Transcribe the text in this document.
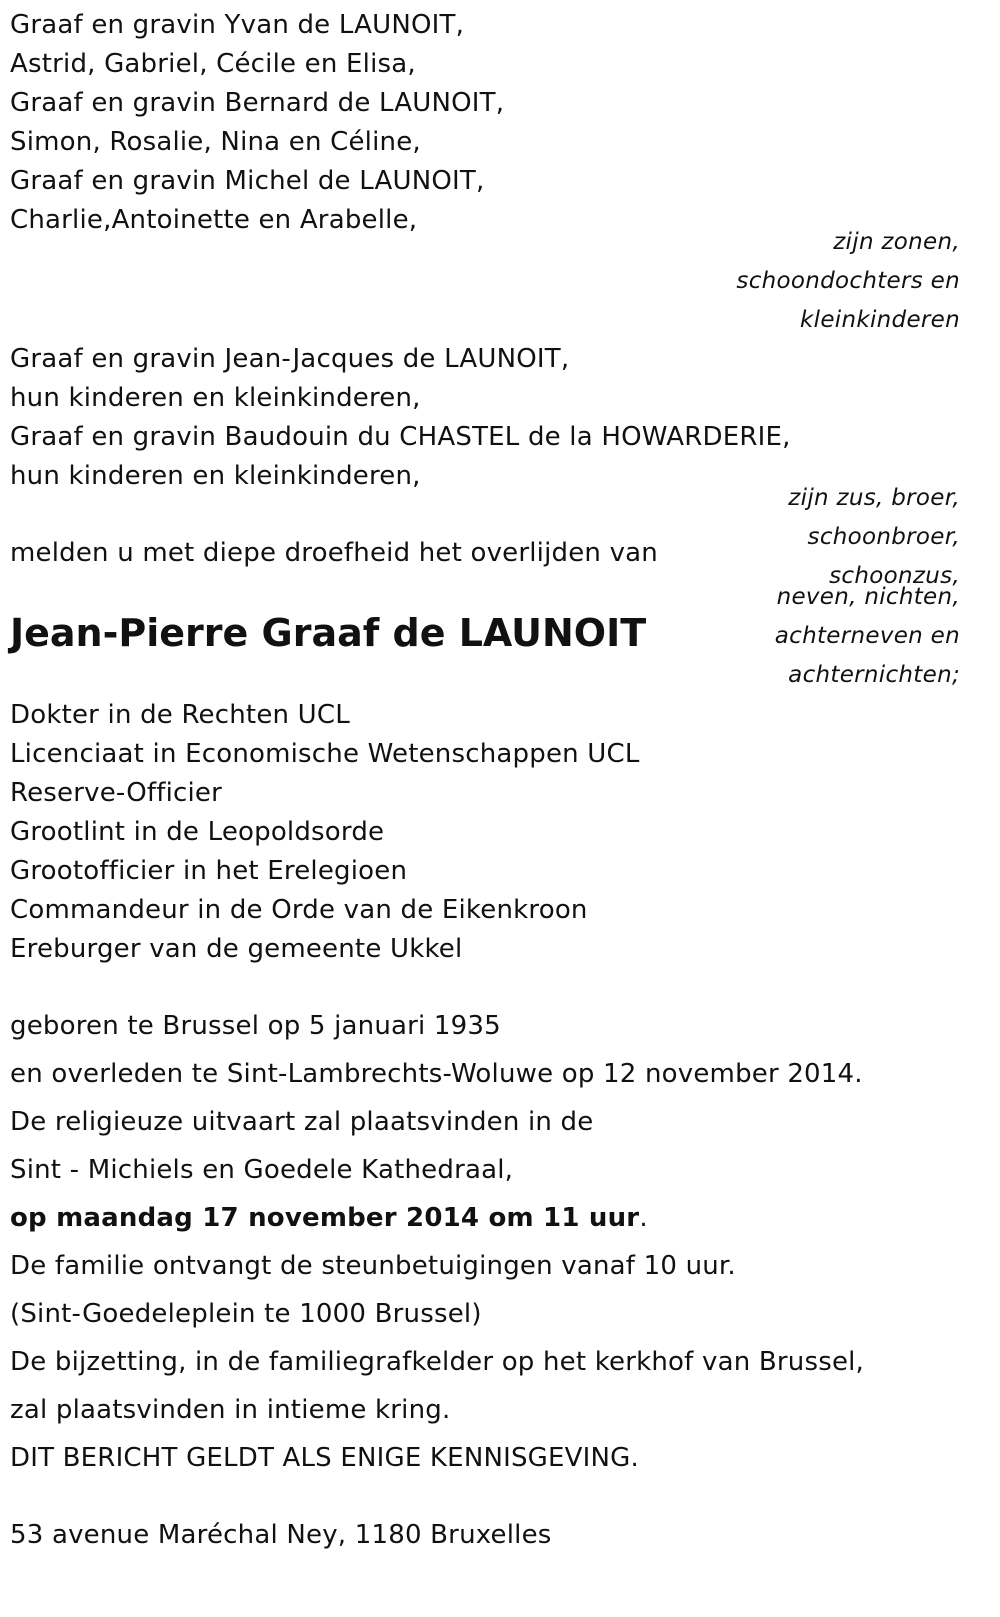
Graaf en gravin Yvan de LAUNOIT,
Astrid, Gabriel, Cécile en Elisa,
Graaf en gravin Bernard de LAUNOIT,
Simon, Rosalie, Nina en Céline,
Graaf en gravin Michel de LAUNOIT,
Charlie,Antoinette en Arabelle,
zijn zonen,
schoondochters en
kleinkinderen
Graaf en gravin Jean-Jacques de LAUNOIT,
hun kinderen en kleinkinderen,
Graaf en gravin Baudouin du CHASTEL de la HOWARDERIE,
hun kinderen en kleinkinderen,
zijn zus, broer,
schoonbroer,
schoonzus,
melden u met diepe droefheid het overlijden van
neven, nichten,
achterneven en
achternichten;
Jean-Pierre Graaf de LAUNOIT
Dokter in de Rechten UCL
Licenciaat in Economische Wetenschappen UCL
Reserve-Officier
Grootlint in de Leopoldsorde
Grootofficier in het Erelegioen
Commandeur in de Orde van de Eikenkroon
Ereburger van de gemeente Ukkel
geboren te Brussel op 5 januari 1935
en overleden te Sint-Lambrechts-Woluwe op 12 november 2014.
De religieuze uitvaart zal plaatsvinden in de
Sint - Michiels en Goedele Kathedraal,
op maandag 17 november 2014 om 11 uur.
De familie ontvangt de steunbetuigingen vanaf 10 uur.
(Sint-Goedeleplein te 1000 Brussel)
De bijzetting, in de familiegrafkelder op het kerkhof van Brussel,
zal plaatsvinden in intieme kring.
DIT BERICHT GELDT ALS ENIGE KENNISGEVING.
53 avenue Maréchal Ney, 1180 Bruxelles
